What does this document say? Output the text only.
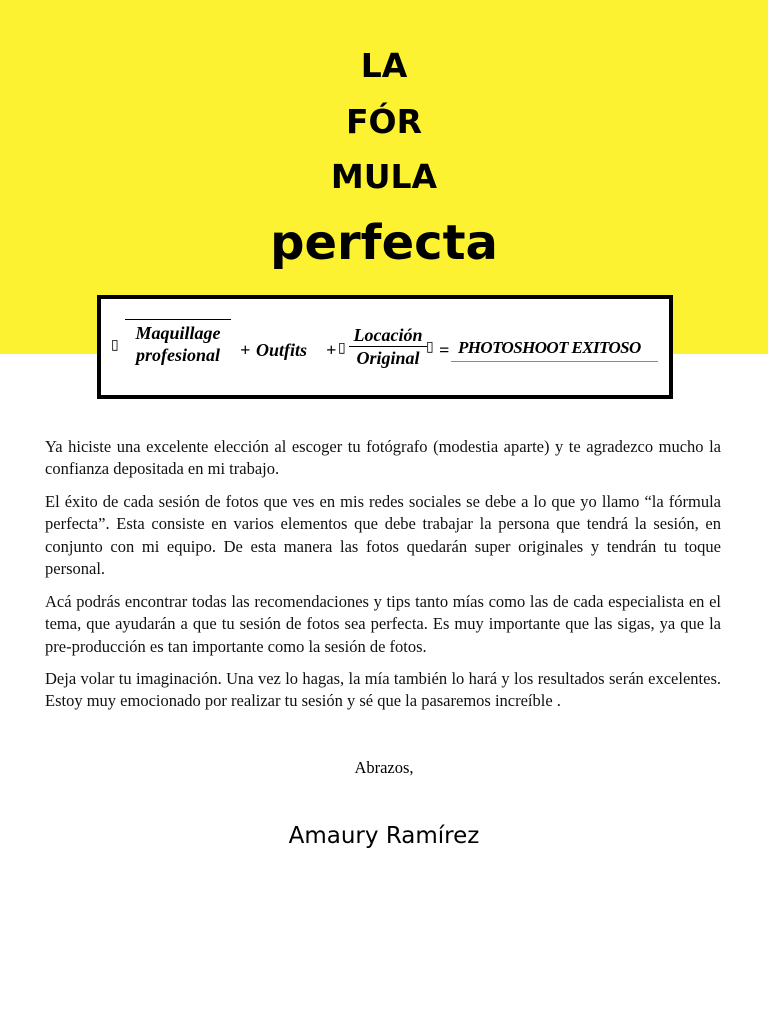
LA
FÓR
MULA
perfecta
▯
Maquillage
profesional	+ Outfits + ▯
Locación
Original
▯ = PHOTOSHOOT EXITOSO

Ya hiciste una excelente elección al escoger tu fotógrafo (modestia aparte) y te agradezco mucho la confianza depositada en mi trabajo.

El éxito de cada sesión de fotos que ves en mis redes sociales se debe a lo que yo llamo “la fórmula perfecta”. Esta consiste en varios elementos que debe trabajar la persona que tendrá la sesión, en conjunto con mi equipo. De esta manera las fotos quedarán super originales y tendrán tu toque personal.

Acá podrás encontrar todas las recomendaciones y tips tanto mías como las de cada especialista en el tema, que ayudarán a que tu sesión de fotos sea perfecta. Es muy importante que las sigas, ya que la pre-producción es tan importante como la sesión de fotos.

Deja volar tu imaginación. Una vez lo hagas, la mía también lo hará y los resultados serán excelentes. Estoy muy emocionado por realizar tu sesión y sé que la pasaremos increíble .

Abrazos,
Amaury Ramírez
